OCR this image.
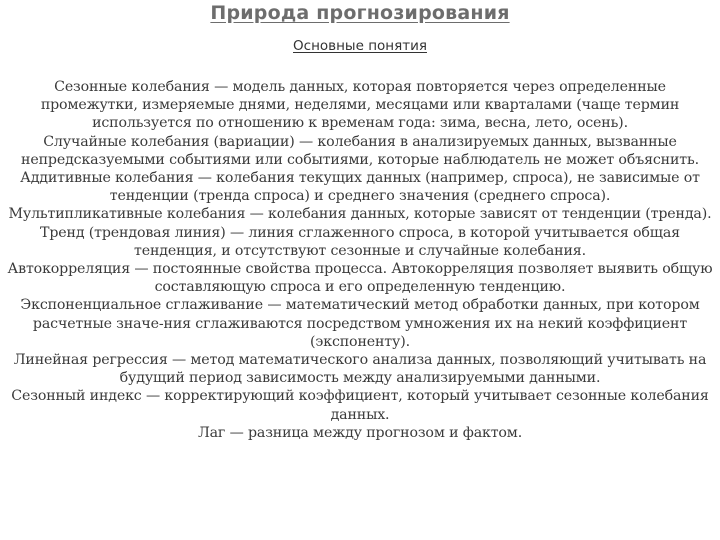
Природа прогнозирования
Основные понятия

Сезонные колебания — модель данных, которая повторяется через определенные промежутки, измеряемые днями, неделями, месяцами или кварталами (чаще термин используется по отношению к временам года: зима, весна, лето, осень).

Случайные колебания (вариации) — колебания в анализируемых данных, вызванные непредсказуемыми событиями или событиями, которые наблюдатель не может объяснить.

Аддитивные колебания — колебания текущих данных (например, спроса), не зависимые от тенденции (тренда спроса) и среднего значения (среднего спроса).

Мультипликативные колебания — колебания данных, которые зависят от тенденции (тренда).

Тренд (трендовая линия) — линия сглаженного спроса, в которой учитывается общая тенденция, и отсутствуют сезонные и случайные колебания.

Автокорреляция — постоянные свойства процесса. Автокорреляция позволяет выявить общую составляющую спроса и его определенную тенденцию.

Экспоненциальное сглаживание — математический метод обработки данных, при котором расчетные значе-ния сглаживаются посредством умножения их на некий коэффициент (экспоненту).

Линейная регрессия — метод математического анализа данных, позволяющий учитывать на будущий период зависимость между анализируемыми данными.

Сезонный индекс — корректирующий коэффициент, который учитывает сезонные колебания данных.

Лаг — разница между прогнозом и фактом.
